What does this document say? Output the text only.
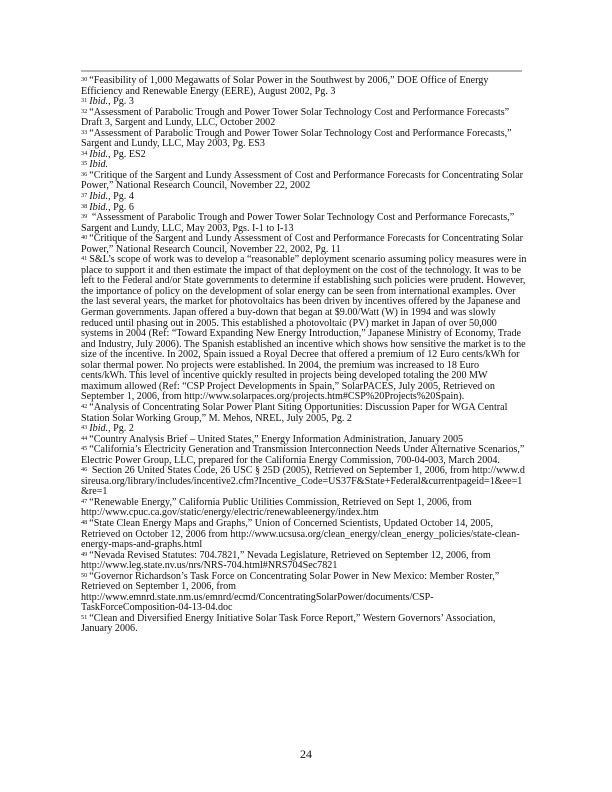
$^{30}$ “Feasibility of 1,000 Megawatts of Solar Power in the Southwest by 2006,” DOE Office of Energy Efficiency and Renewable Energy (EERE), August 2002, Pg. 3

$^{31}$ Ibid., Pg. 3

$^{32}$ “Assessment of Parabolic Trough and Power Tower Solar Technology Cost and Performance Forecasts” Draft 3, Sargent and Lundy, LLC, October 2002

$^{33}$ “Assessment of Parabolic Trough and Power Tower Solar Technology Cost and Performance Forecasts,” Sargent and Lundy, LLC, May 2003, Pg. ES3

$^{34}$ Ibid., Pg. ES2

$^{35}$ Ibid.

$^{36}$ “Critique of the Sargent and Lundy Assessment of Cost and Performance Forecasts for Concentrating Solar Power,” National Research Council, November 22, 2002

$^{37}$ Ibid., Pg. 4

$^{38}$ Ibid., Pg. 6

$^{39}$ “Assessment of Parabolic Trough and Power Tower Solar Technology Cost and Performance Forecasts,” Sargent and Lundy, LLC, May 2003, Pgs. I-1 to I-13

$^{40}$ “Critique of the Sargent and Lundy Assessment of Cost and Performance Forecasts for Concentrating Solar Power,” National Research Council, November 22, 2002, Pg. 11

$^{41}$ S&L’s scope of work was to develop a “reasonable” deployment scenario assuming policy measures were in place to support it and then estimate the impact of that deployment on the cost of the technology. It was to be left to the Federal and/or State governments to determine if establishing such policies were prudent. However, the importance of policy on the development of solar energy can be seen from international examples. Over the last several years, the market for photovoltaics has been driven by incentives offered by the Japanese and German governments. Japan offered a buy-down that began at $9.00/Watt (W) in 1994 and was slowly reduced until phasing out in 2005. This established a photovoltaic (PV) market in Japan of over 50,000 systems in 2004 (Ref: “Toward Expanding New Energy Introduction,” Japanese Ministry of Economy, Trade and Industry, July 2006). The Spanish established an incentive which shows how sensitive the market is to the size of the incentive. In 2002, Spain issued a Royal Decree that offered a premium of 12 Euro cents/kWh for solar thermal power. No projects were established. In 2004, the premium was increased to 18 Euro cents/kWh. This level of incentive quickly resulted in projects being developed totaling the 200 MW maximum allowed (Ref: “CSP Project Developments in Spain,” SolarPACES, July 2005, Retrieved on September 1, 2006, from http://www.solarpaces.org/projects.htm#CSP%20Projects%20Spain).

$^{42}$ “Analysis of Concentrating Solar Power Plant Siting Opportunities: Discussion Paper for WGA Central Station Solar Working Group,” M. Mehos, NREL, July 2005, Pg. 2

$^{43}$ Ibid., Pg. 2

$^{44}$ “Country Analysis Brief – United States,” Energy Information Administration, January 2005

$^{45}$ “California’s Electricity Generation and Transmission Interconnection Needs Under Alternative Scenarios,” Electric Power Group, LLC, prepared for the California Energy Commission, 700-04-003, March 2004.

$^{46}$ Section 26 United States Code, 26 USC § 25D (2005), Retrieved on September 1, 2006, from http://www.dsireusa.org/library/includes/incentive2.cfm?Incentive_Code=US37F&State+Federal&currentpageid=1&ee=1&re=1

$^{47}$ “Renewable Energy,” California Public Utilities Commission, Retrieved on Sept 1, 2006, from http://www.cpuc.ca.gov/static/energy/electric/renewableenergy/index.htm

$^{48}$ “State Clean Energy Maps and Graphs,” Union of Concerned Scientists, Updated October 14, 2005, Retrieved on October 12, 2006 from http://www.ucsusa.org/clean_energy/clean_energy_policies/state-clean-energy-maps-and-graphs.html

$^{49}$ “Nevada Revised Statutes: 704.7821,” Nevada Legislature, Retrieved on September 12, 2006, from http://www.leg.state.nv.us/nrs/NRS-704.html#NRS704Sec7821

$^{50}$ “Governor Richardson’s Task Force on Concentrating Solar Power in New Mexico: Member Roster,” Retrieved on September 1, 2006, from http://www.emnrd.state.nm.us/emnrd/ecmd/ConcentratingSolarPower/documents/CSP-TaskForceComposition-04-13-04.doc

$^{51}$ “Clean and Diversified Energy Initiative Solar Task Force Report,” Western Governors’ Association, January 2006.

24
